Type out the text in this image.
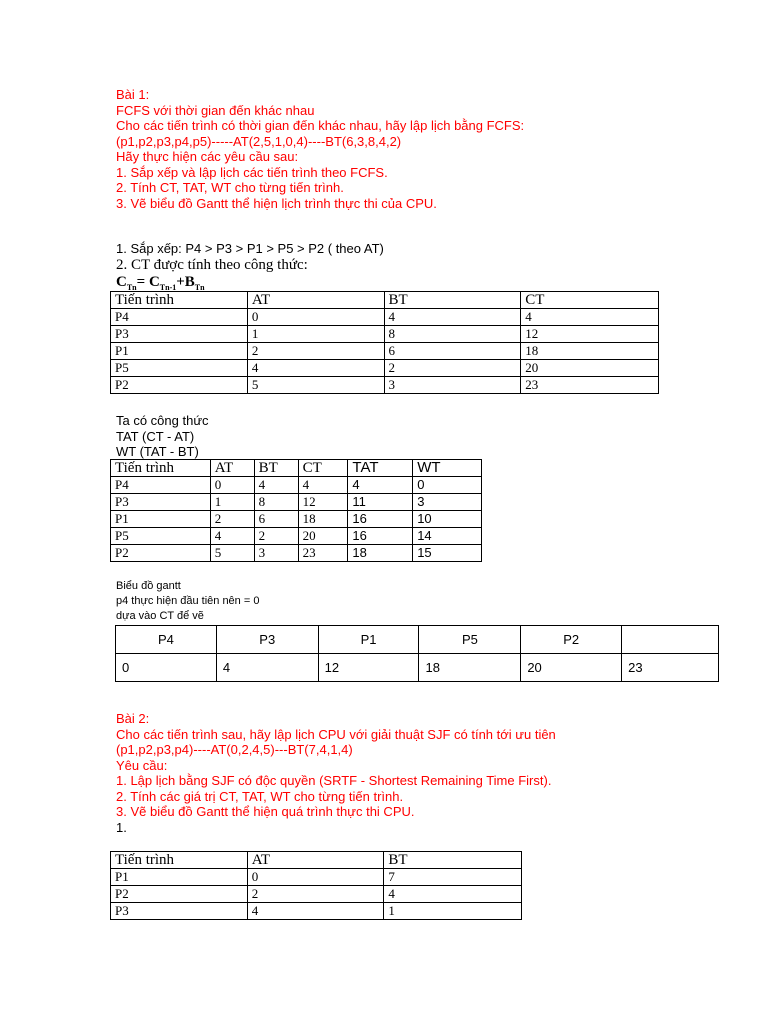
Bài 1:
FCFS với thời gian đến khác nhau
Cho các tiến trình có thời gian đến khác nhau, hãy lập lịch bằng FCFS:
(p1,p2,p3,p4,p5)-----AT(2,5,1,0,4)----BT(6,3,8,4,2)
Hãy thực hiện các yêu cầu sau:
1. Sắp xếp và lập lịch các tiến trình theo FCFS.
2. Tính CT, TAT, WT cho từng tiến trình.
3. Vẽ biểu đồ Gantt thể hiện lịch trình thực thi của CPU.
1. Sắp xếp: P4 > P3 > P1 > P5 > P2 ( theo AT)
2. CT được tính theo công thức:
$C_{Tn}= C_{Tn-1}+B_{Tn}$
Tiến trình	AT	BT	CT
P4	0	4	4
P3	1	8	12
P1	2	6	18
P5	4	2	20
P2	5	3	23
Ta có công thức
TAT (CT - AT)
WT (TAT - BT)
Tiến trình	AT	BT	CT	TAT	WT
P4	0	4	4	4	0
P3	1	8	12	11	3
P1	2	6	18	16	10
P5	4	2	20	16	14
P2	5	3	23	18	15
Biểu đồ gantt
p4 thực hiện đầu tiên nên = 0
dựa vào CT để vẽ
P4	P3	P1	P5	P2	
0	4	12	18	20	23
Bài 2:
Cho các tiến trình sau, hãy lập lịch CPU với giải thuật SJF có tính tới ưu tiên
(p1,p2,p3,p4)----AT(0,2,4,5)---BT(7,4,1,4)
Yêu cầu:
1. Lập lịch bằng SJF có độc quyền (SRTF - Shortest Remaining Time First).
2. Tính các giá trị CT, TAT, WT cho từng tiến trình.
3. Vẽ biểu đồ Gantt thể hiện quá trình thực thi CPU.
1.
Tiến trình	AT	BT
P1	0	7
P2	2	4
P3	4	1
